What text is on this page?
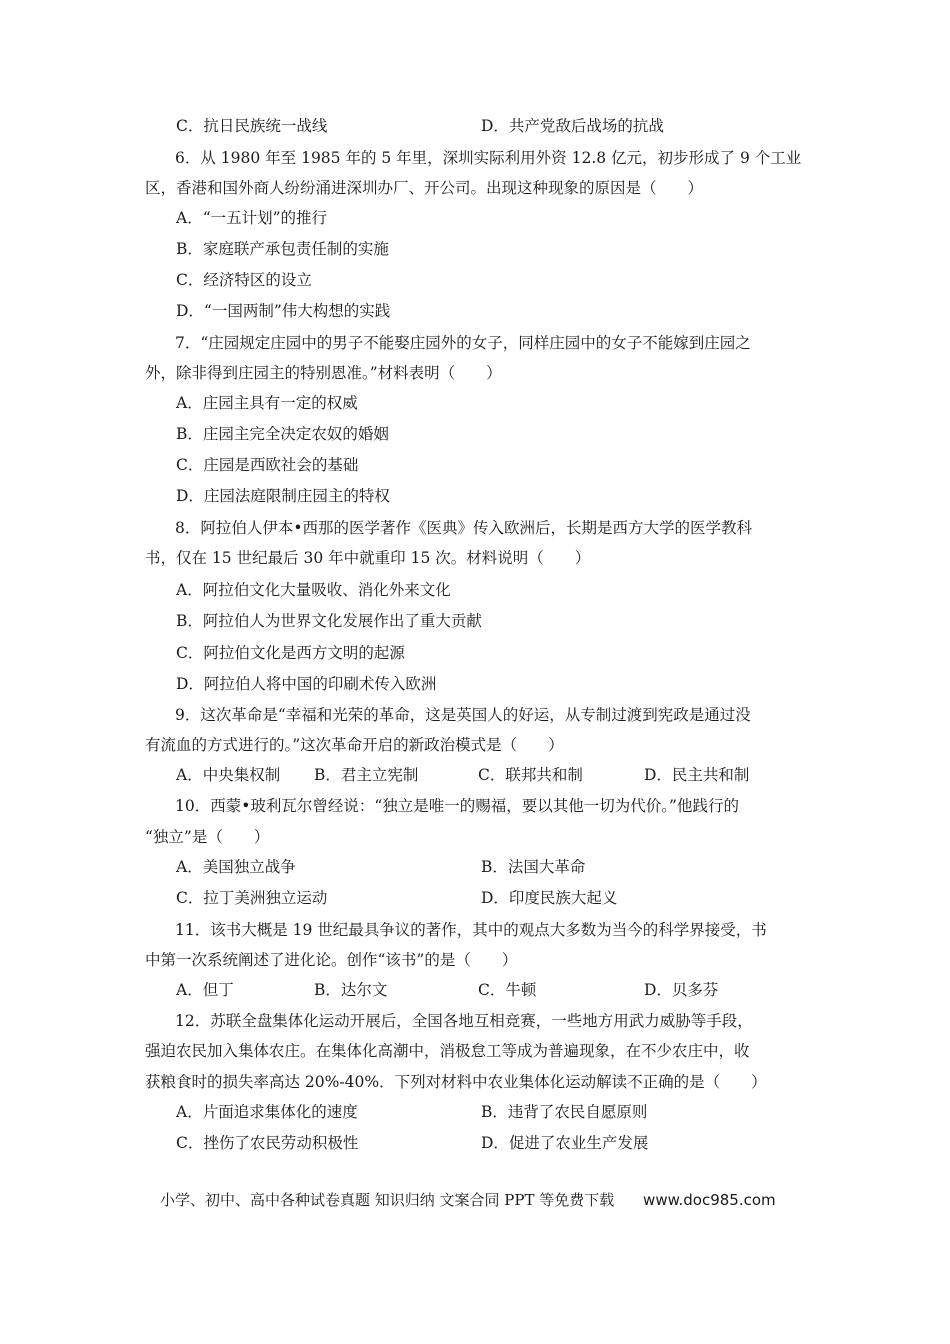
C．抗日民族统一战线	D．共产党敌后战场的抗战
6．从 1980 年至 1985 年的 5 年里，深圳实际利用外资 12.8 亿元，初步形成了 9 个工业
区，香港和国外商人纷纷涌进深圳办厂、开公司。出现这种现象的原因是（　　）
A．“一五计划”的推行
B．家庭联产承包责任制的实施
C．经济特区的设立
D．“一国两制”伟大构想的实践
7．“庄园规定庄园中的男子不能娶庄园外的女子，同样庄园中的女子不能嫁到庄园之
外，除非得到庄园主的特别恩准。”材料表明（　　）
A．庄园主具有一定的权威
B．庄园主完全决定农奴的婚姻
C．庄园是西欧社会的基础
D．庄园法庭限制庄园主的特权
8．阿拉伯人伊本•西那的医学著作《医典》传入欧洲后，长期是西方大学的医学教科
书，仅在 15 世纪最后 30 年中就重印 15 次。材料说明（　　）
A．阿拉伯文化大量吸收、消化外来文化
B．阿拉伯人为世界文化发展作出了重大贡献
C．阿拉伯文化是西方文明的起源
D．阿拉伯人将中国的印刷术传入欧洲
9．这次革命是“幸福和光荣的革命，这是英国人的好运，从专制过渡到宪政是通过没
有流血的方式进行的。”这次革命开启的新政治模式是（　　）
A．中央集权制 B．君主立宪制	C．联邦共和制	D．民主共和制
10．西蒙•玻利瓦尔曾经说：“独立是唯一的赐福，要以其他一切为代价。”他践行的
“独立”是（　　）
A．美国独立战争	B．法国大革命
C．拉丁美洲独立运动	D．印度民族大起义
11．该书大概是 19 世纪最具争议的著作，其中的观点大多数为当今的科学界接受，书
中第一次系统阐述了进化论。创作“该书”的是（　　）
A．但丁	B．达尔文	C．牛顿	D．贝多芬
12．苏联全盘集体化运动开展后，全国各地互相竞赛，一些地方用武力威胁等手段，
强迫农民加入集体农庄。在集体化高潮中，消极怠工等成为普遍现象，在不少农庄中，收
获粮食时的损失率高达 20%-40%．下列对材料中农业集体化运动解读不正确的是（　　）
A．片面追求集体化的速度	B．违背了农民自愿原则
C．挫伤了农民劳动积极性	D．促进了农业生产发展
小学、初中、高中各种试卷真题 知识归纳 文案合同 PPT 等免费下载 www.doc985.com
